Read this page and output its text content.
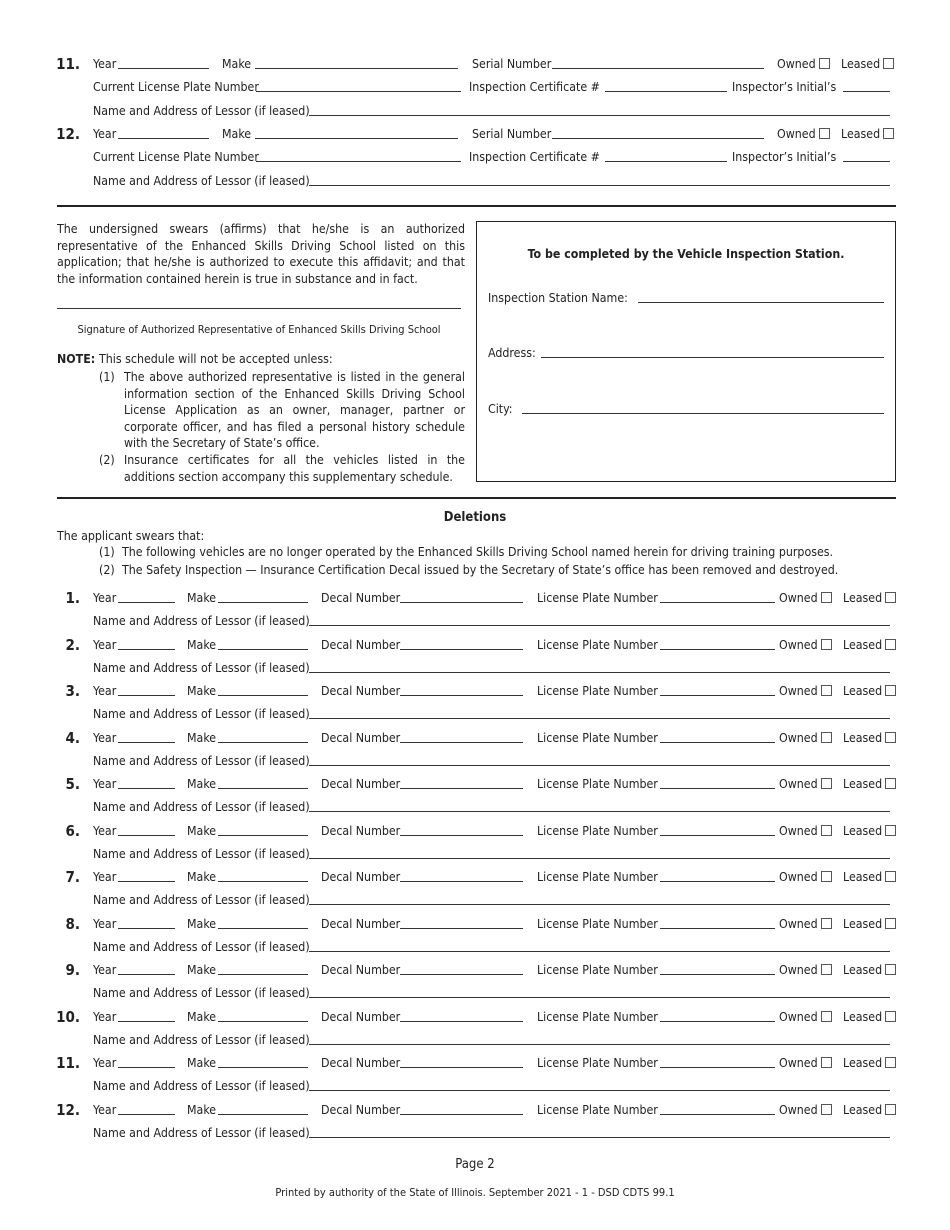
11. Year	Make	Serial Number	Owned	Leased
Current License Plate Number	Inspection Certificate #	Inspector’s Initial’s
Name and Address of Lessor (if leased)
12. Year	Make	Serial Number	Owned	Leased
Current License Plate Number	Inspection Certificate #	Inspector’s Initial’s
Name and Address of Lessor (if leased)
The undersigned swears (affirms) that he/she is an authorized representative of the Enhanced Skills Driving School listed on this application; that he/she is authorized to execute this affidavit; and that the information contained herein is true in substance and in fact.
Signature of Authorized Representative of Enhanced Skills Driving School
NOTE: This schedule will not be accepted unless:
(1) The above authorized representative is listed in the general information section of the Enhanced Skills Driving School License Application as an owner, manager, partner or corporate officer, and has filed a personal history schedule with the Secretary of State’s office.
(2) Insurance certificates for all the vehicles listed in the additions section accompany this supplementary schedule.
To be completed by the Vehicle Inspection Station.
Inspection Station Name:
Address:
City:
Deletions
The applicant swears that:
(1) The following vehicles are no longer operated by the Enhanced Skills Driving School named herein for driving training purposes.
(2) The Safety Inspection — Insurance Certification Decal issued by the Secretary of State’s office has been removed and destroyed.
1. Year	Make	Decal Number	License Plate Number	Owned	Leased
Name and Address of Lessor (if leased)
2. Year	Make	Decal Number	License Plate Number	Owned	Leased
Name and Address of Lessor (if leased)
3. Year	Make	Decal Number	License Plate Number	Owned	Leased
Name and Address of Lessor (if leased)
4. Year	Make	Decal Number	License Plate Number	Owned	Leased
Name and Address of Lessor (if leased)
5. Year	Make	Decal Number	License Plate Number	Owned	Leased
Name and Address of Lessor (if leased)
6. Year	Make	Decal Number	License Plate Number	Owned	Leased
Name and Address of Lessor (if leased)
7. Year	Make	Decal Number	License Plate Number	Owned	Leased
Name and Address of Lessor (if leased)
8. Year	Make	Decal Number	License Plate Number	Owned	Leased
Name and Address of Lessor (if leased)
9. Year	Make	Decal Number	License Plate Number	Owned	Leased
Name and Address of Lessor (if leased)
10. Year	Make	Decal Number	License Plate Number	Owned	Leased
Name and Address of Lessor (if leased)
11. Year	Make	Decal Number	License Plate Number	Owned	Leased
Name and Address of Lessor (if leased)
12. Year	Make	Decal Number	License Plate Number	Owned	Leased
Name and Address of Lessor (if leased)
Page 2
Printed by authority of the State of Illinois. September 2021 - 1 - DSD CDTS 99.1
